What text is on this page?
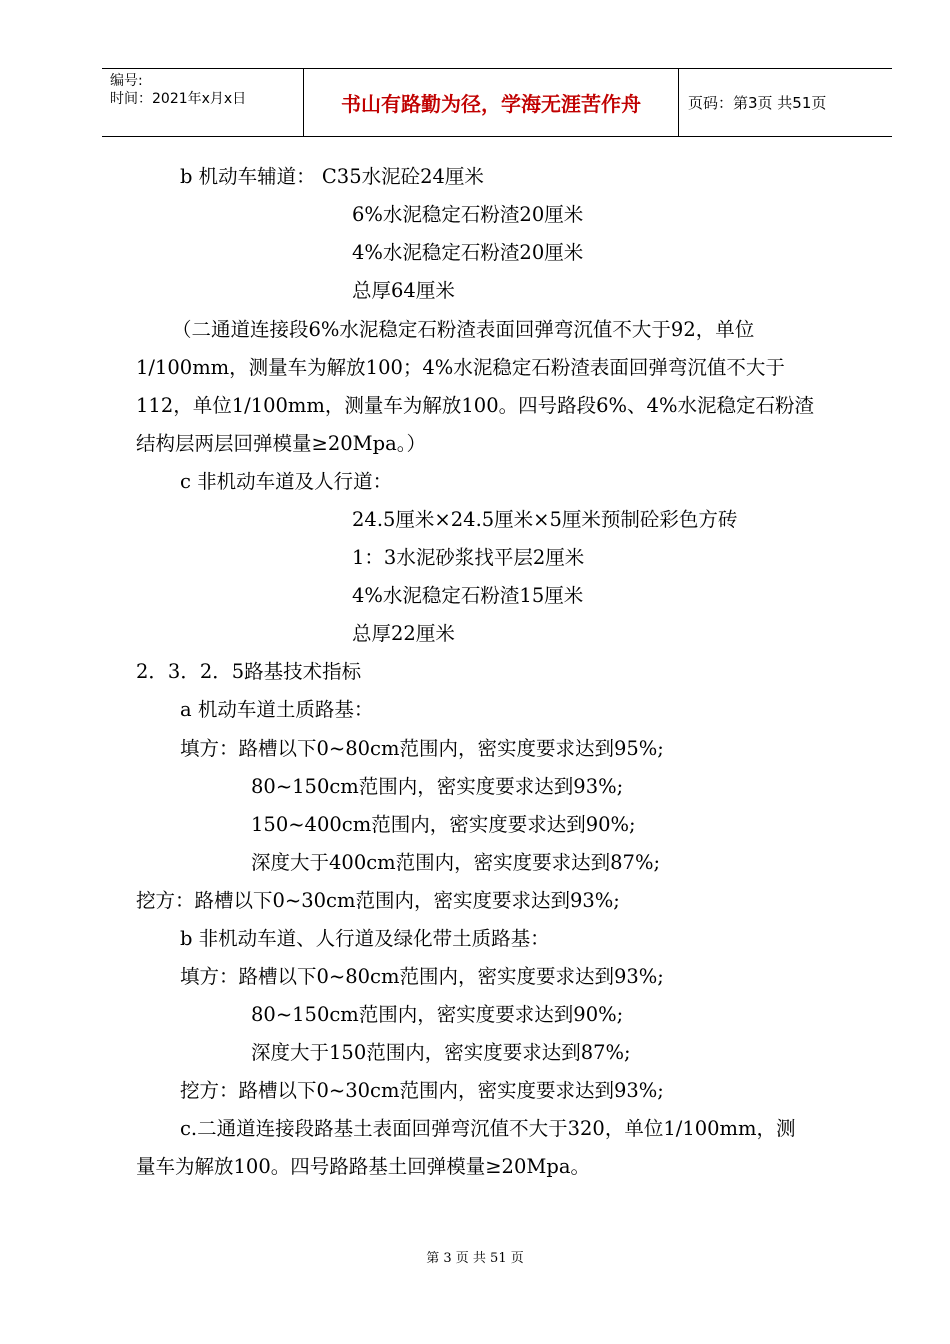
编号:
时间：2021年x月x日	书山有路勤为径，学海无涯苦作舟	页码：第3页 共51页
b 机动车辅道： C35水泥砼24厘米
6%水泥稳定石粉渣20厘米
4%水泥稳定石粉渣20厘米
总厚64厘米
（二通道连接段6%水泥稳定石粉渣表面回弹弯沉值不大于92，单位
1/100mm，测量车为解放100；4%水泥稳定石粉渣表面回弹弯沉值不大于
112，单位1/100mm，测量车为解放100。四号路段6%、4%水泥稳定石粉渣
结构层两层回弹模量≥20Mpa。）
c 非机动车道及人行道：
24.5厘米×24.5厘米×5厘米预制砼彩色方砖
1：3水泥砂浆找平层2厘米
4%水泥稳定石粉渣15厘米
总厚22厘米
2．3．2．5路基技术指标
a 机动车道土质路基：
填方：路槽以下0~80cm范围内，密实度要求达到95%;
80~150cm范围内，密实度要求达到93%;
150~400cm范围内，密实度要求达到90%;
深度大于400cm范围内，密实度要求达到87%;
挖方：路槽以下0~30cm范围内，密实度要求达到93%;
b 非机动车道、人行道及绿化带土质路基：
填方：路槽以下0~80cm范围内，密实度要求达到93%;
80~150cm范围内，密实度要求达到90%;
深度大于150范围内，密实度要求达到87%;
挖方：路槽以下0~30cm范围内，密实度要求达到93%;
c.二通道连接段路基土表面回弹弯沉值不大于320，单位1/100mm，测
量车为解放100。四号路路基土回弹模量≥20Mpa。
第 3 页 共 51 页
